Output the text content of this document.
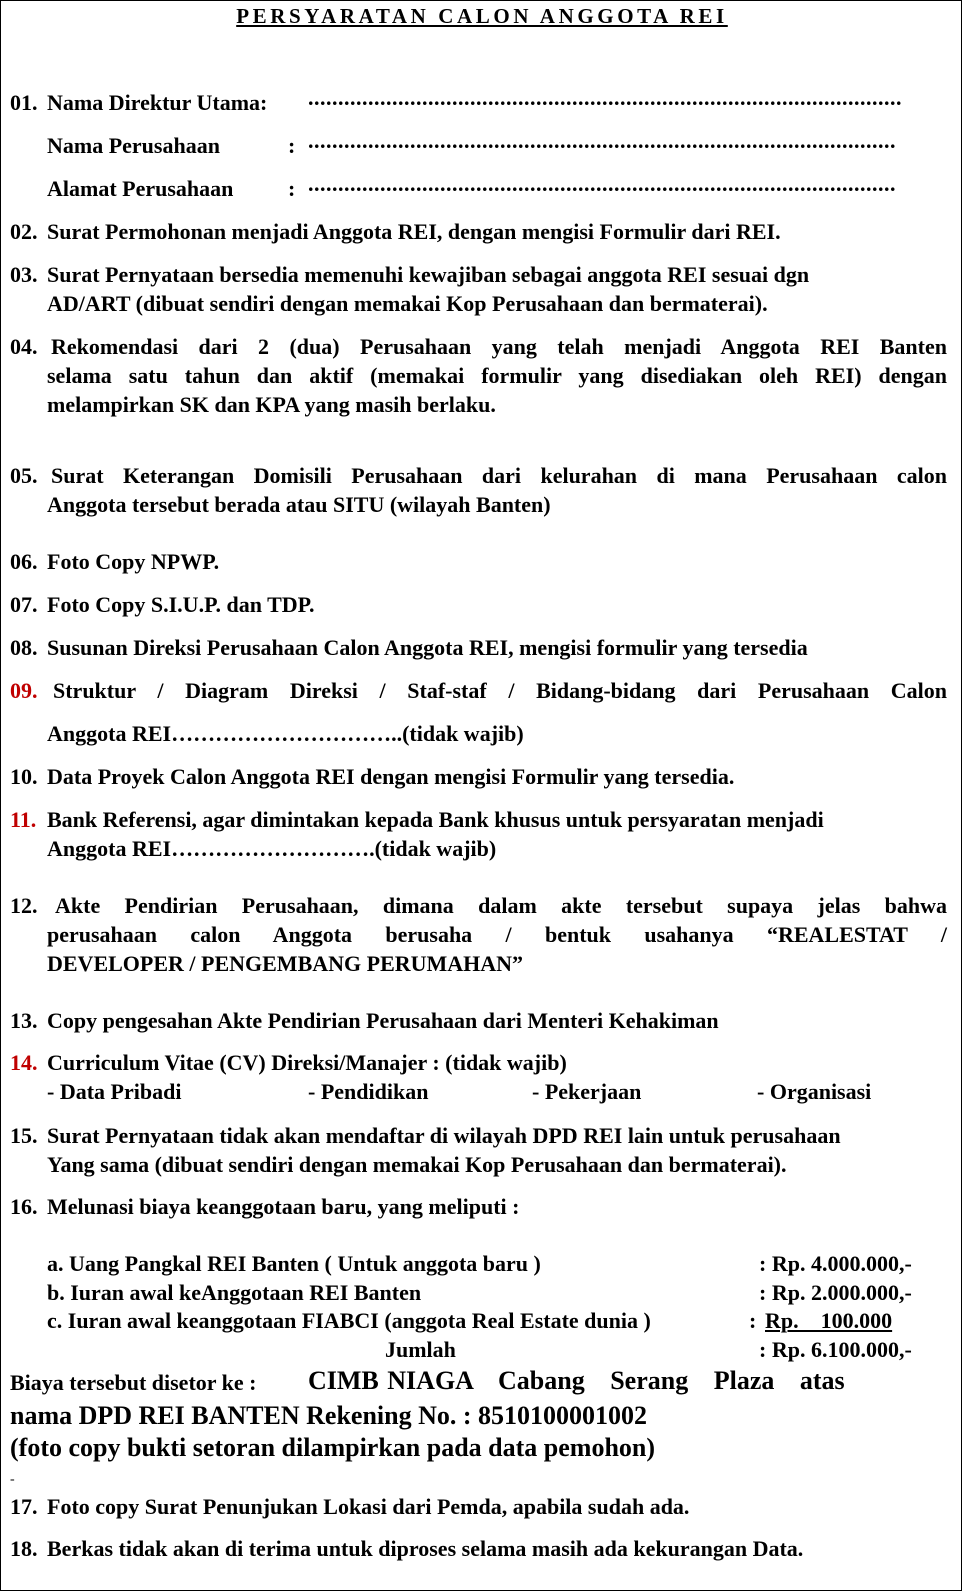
PERSYARATAN CALON ANGGOTA REI
01. Nama Direktur Utama: ...................................................................................................
Nama Perusahaan	: ..................................................................................................
Alamat Perusahaan : ..................................................................................................
02. Surat Permohonan menjadi Anggota REI, dengan mengisi Formulir dari REI.
03. Surat Pernyataan bersedia memenuhi kewajiban sebagai anggota REI sesuai dgn
AD/ART (dibuat sendiri dengan memakai Kop Perusahaan dan bermaterai).
04. Rekomendasi dari 2 (dua) Perusahaan yang telah menjadi Anggota REI Banten
selama satu tahun dan aktif (memakai formulir yang disediakan oleh REI) dengan
melampirkan SK dan KPA yang masih berlaku.
05. Surat Keterangan Domisili Perusahaan dari kelurahan di mana Perusahaan calon
Anggota tersebut berada atau SITU (wilayah Banten)
06. Foto Copy NPWP.
07. Foto Copy S.I.U.P. dan TDP.
08. Susunan Direksi Perusahaan Calon Anggota REI, mengisi formulir yang tersedia
09. Struktur / Diagram Direksi / Staf-staf / Bidang-bidang dari Perusahaan Calon
Anggota REI…………………………..(tidak wajib)
10. Data Proyek Calon Anggota REI dengan mengisi Formulir yang tersedia.
11. Bank Referensi, agar dimintakan kepada Bank khusus untuk persyaratan menjadi
Anggota REI……………………….(tidak wajib)
12. Akte Pendirian Perusahaan, dimana dalam akte tersebut supaya jelas bahwa
perusahaan calon Anggota berusaha / bentuk usahanya “REALESTAT /
DEVELOPER / PENGEMBANG PERUMAHAN”
13. Copy pengesahan Akte Pendirian Perusahaan dari Menteri Kehakiman
14. Curriculum Vitae (CV) Direksi/Manajer : (tidak wajib)
- Data Pribadi	- Pendidikan	- Pekerjaan	- Organisasi
15. Surat Pernyataan tidak akan mendaftar di wilayah DPD REI lain untuk perusahaan
Yang sama (dibuat sendiri dengan memakai Kop Perusahaan dan bermaterai).
16. Melunasi biaya keanggotaan baru, yang meliputi :
a. Uang Pangkal REI Banten ( Untuk anggota baru )	: Rp. 4.000.000,-
b. Iuran awal keAnggotaan REI Banten	: Rp. 2.000.000,-
c. Iuran awal keanggotaan FIABCI (anggota Real Estate dunia )	: Rp.    100.000
Jumlah	: Rp. 6.100.000,-
Biaya tersebut disetor ke : CIMB NIAGA   Cabang   Serang   Plaza   atas
nama DPD REI BANTEN Rekening No. : 8510100001002
(foto copy bukti setoran dilampirkan pada data pemohon)
-
17. Foto copy Surat Penunjukan Lokasi dari Pemda, apabila sudah ada.
18. Berkas tidak akan di terima untuk diproses selama masih ada kekurangan Data.
